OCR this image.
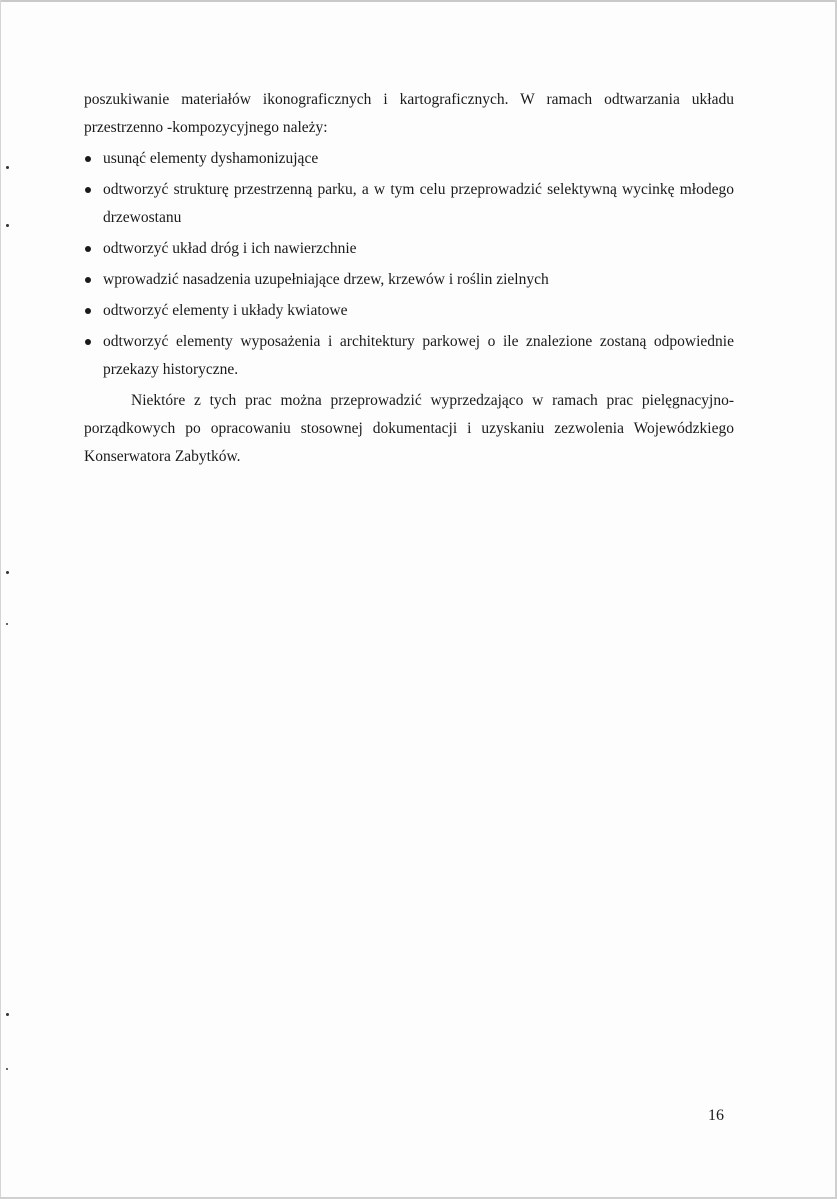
poszukiwanie materiałów ikonograficznych i kartograficznych. W ramach odtwarzania układu

przestrzenno -kompozycyjnego należy:

usunąć elementy dyshamonizujące
odtworzyć strukturę przestrzenną parku, a w tym celu przeprowadzić selektywną wycinkę młodego drzewostanu
odtworzyć układ dróg i ich nawierzchnie
wprowadzić nasadzenia uzupełniające drzew, krzewów i roślin zielnych
odtworzyć elementy i układy kwiatowe
odtworzyć elementy wyposażenia i architektury parkowej o ile znalezione zostaną odpowiednie przekazy historyczne.

Niektóre z tych prac można przeprowadzić wyprzedzająco w ramach prac pielęgnacyjno-porządkowych po opracowaniu stosownej dokumentacji i uzyskaniu zezwolenia Wojewódzkiego Konserwatora Zabytków.

16
